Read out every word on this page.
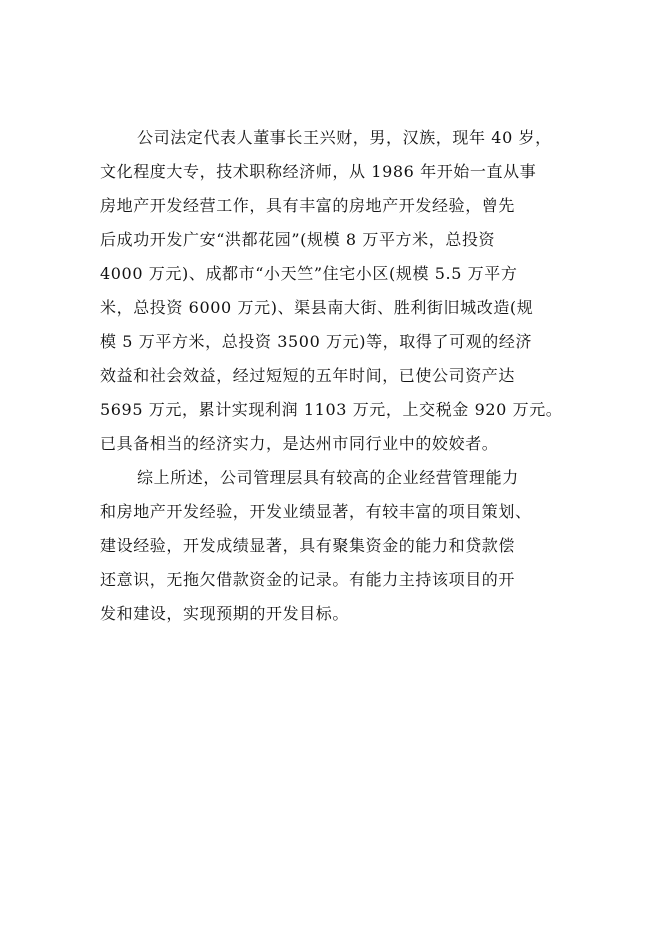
公司法定代表人董事长王兴财，男，汉族，现年 40 岁，
文化程度大专，技术职称经济师，从 1986 年开始一直从事
房地产开发经营工作，具有丰富的房地产开发经验，曾先
后成功开发广安“洪都花园”(规模 8 万平方米，总投资
4000 万元)、成都市“小天竺”住宅小区(规模 5.5 万平方
米，总投资 6000 万元)、渠县南大街、胜利街旧城改造(规
模 5 万平方米，总投资 3500 万元)等，取得了可观的经济
效益和社会效益，经过短短的五年时间，已使公司资产达
5695 万元，累计实现利润 1103 万元，上交税金 920 万元。
已具备相当的经济实力，是达州市同行业中的姣姣者。
综上所述，公司管理层具有较高的企业经营管理能力
和房地产开发经验，开发业绩显著，有较丰富的项目策划、
建设经验，开发成绩显著，具有聚集资金的能力和贷款偿
还意识，无拖欠借款资金的记录。有能力主持该项目的开
发和建设，实现预期的开发目标。
